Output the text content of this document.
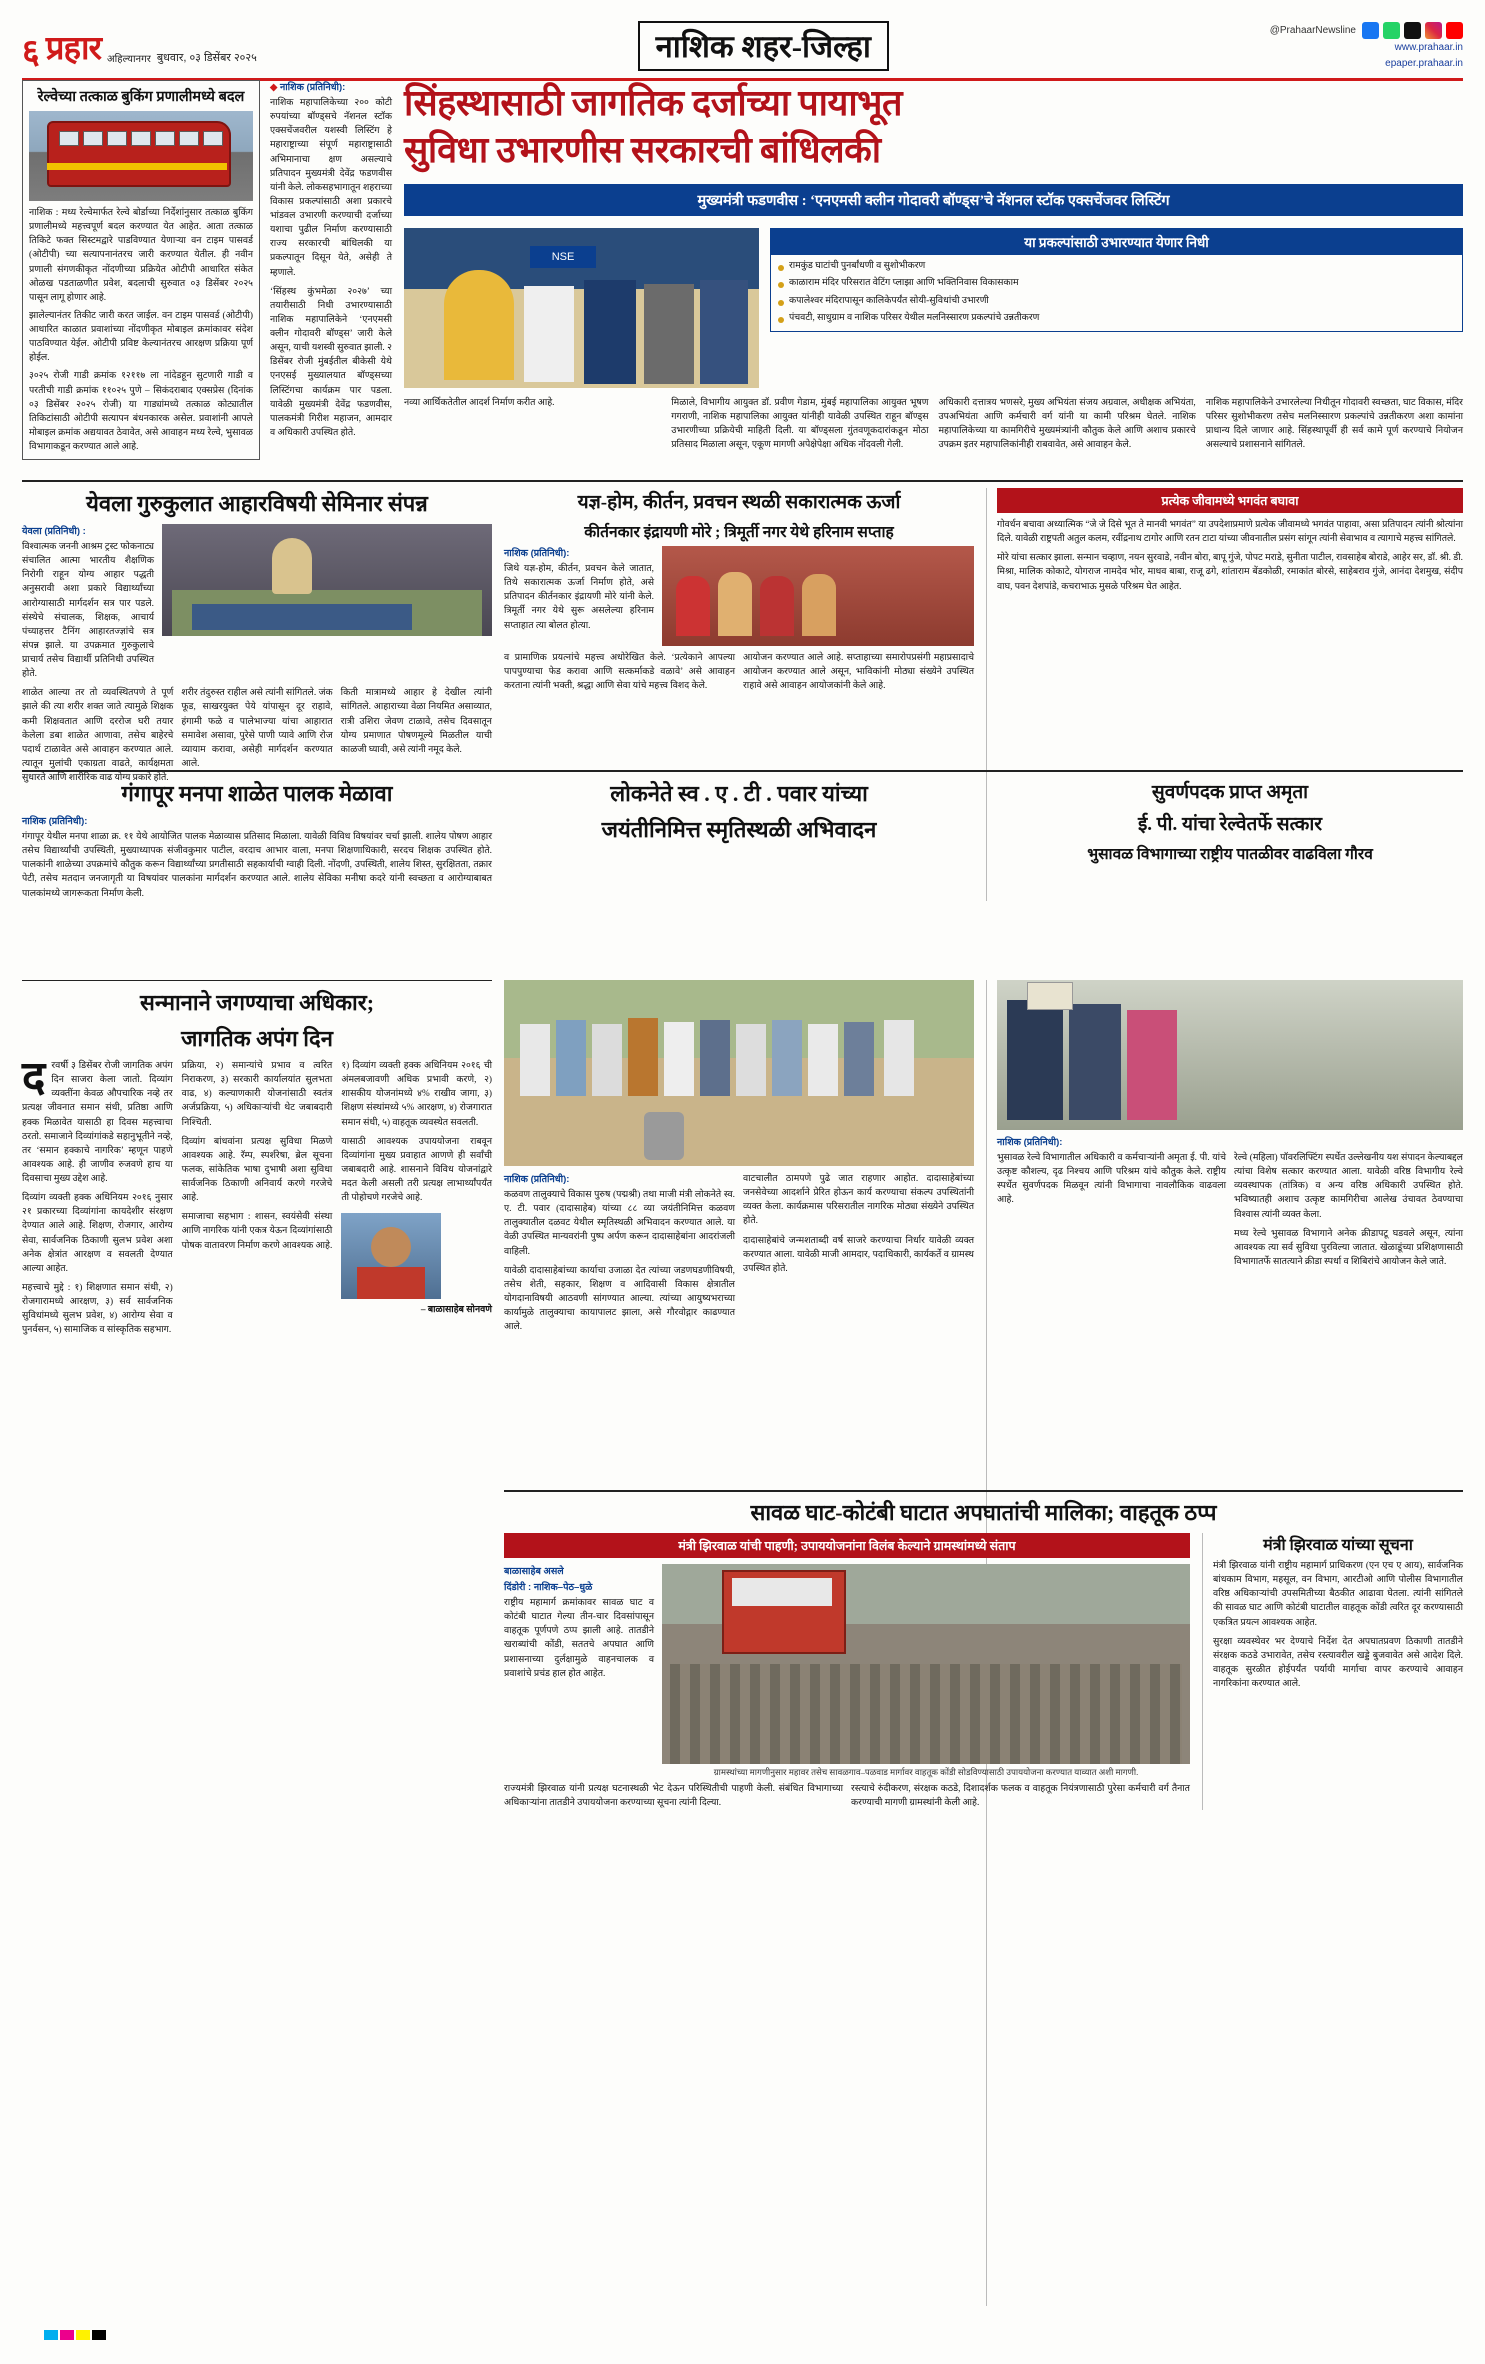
६ प्रहार अहिल्यानगर बुधवार, ०३ डिसेंबर २०२५	नाशिक शहर-जिल्हा	@PrahaarNewsline
www.prahaar.in
epaper.prahaar.in
रेल्वेच्या तत्काळ बुकिंग प्रणालीमध्ये बदल
नाशिक : मध्य रेल्वेमार्फत रेल्वे बोर्डाच्या निर्देशांनुसार तत्काळ बुकिंग प्रणालीमध्ये महत्त्वपूर्ण बदल करण्यात येत आहेत. आता तत्काळ तिकिटे फक्त सिस्टमद्वारे पाडविण्यात येणाऱ्या वन टाइम पासवर्ड (ओटीपी) च्या सत्यापनानंतरच जारी करण्यात येतील. ही नवीन प्रणाली संगणकीकृत नोंदणीच्या प्रक्रियेत ओटीपी आधारित संकेत ओळख पडताळणीत प्रवेश, बदलाची सुरुवात ०३ डिसेंबर २०२५ पासून लागू होणार आहे.
झालेल्यानंतर तिकीट जारी करत जाईल. वन टाइम पासवर्ड (ओटीपी) आधारित काळात प्रवाशांच्या नोंदणीकृत मोबाइल क्रमांकावर संदेश पाठविण्यात येईल. ओटीपी प्रविष्ट केल्यानंतरच आरक्षण प्रक्रिया पूर्ण होईल.
३०२५ रोजी गाडी क्रमांक १२११७ ला नांदेडहून सुटणारी गाडी व परतीची गाडी क्रमांक ११०२५ पुणे – सिकंदराबाद एक्सप्रेस (दिनांक ०३ डिसेंबर २०२५ रोजी) या गाड्यांमध्ये तत्काळ कोट्यातील तिकिटांसाठी ओटीपी सत्यापन बंधनकारक असेल. प्रवाशांनी आपले मोबाइल क्रमांक अद्ययावत ठेवावेत, असे आवाहन मध्य रेल्वे, भुसावळ विभागाकडून करण्यात आले आहे.
◆ नाशिक (प्रतिनिधी):
नाशिक महापालिकेच्या २०० कोटी रुपयांच्या बॉण्ड्सचे नॅशनल स्टॉक एक्सचेंजवरील यशस्वी लिस्टिंग हे महाराष्ट्राच्या संपूर्ण महाराष्ट्रासाठी अभिमानाचा क्षण असल्याचे प्रतिपादन मुख्यमंत्री देवेंद्र फडणवीस यांनी केले. लोकसहभागातून शहराच्या विकास प्रकल्पांसाठी अशा प्रकारचे भांडवल उभारणी करण्याची दर्जाच्या यशाचा पुढील निर्माण करण्यासाठी राज्य सरकारची बांधिलकी या प्रकल्पातून दिसून येते, असेही ते म्हणाले.
‘सिंहस्थ कुंभमेळा २०२७’ च्या तयारीसाठी निधी उभारण्यासाठी नाशिक महापालिकेने ‘एनएमसी क्लीन गोदावरी बॉण्ड्स’ जारी केले असून, याची यशस्वी सुरुवात झाली. २ डिसेंबर रोजी मुंबईतील बीकेसी येथे एनएसई मुख्यालयात बॉण्ड्सच्या लिस्टिंगचा कार्यक्रम पार पडला. यावेळी मुख्यमंत्री देवेंद्र फडणवीस, पालकमंत्री गिरीश महाजन, आमदार व अधिकारी उपस्थित होते.
सिंहस्थासाठी जागतिक दर्जाच्या पायाभूत
सुविधा उभारणीस सरकारची बांधिलकी
मुख्यमंत्री फडणवीस : ‘एनएमसी क्लीन गोदावरी बॉण्ड्स’चे नॅशनल स्टॉक एक्सचेंजवर लिस्टिंग
NSE
या प्रकल्पांसाठी उभारण्यात येणार निधी
रामकुंड घाटांची पुनर्बांधणी व सुशोभीकरण
काळाराम मंदिर परिसरात वेटिंग प्लाझा आणि भक्तिनिवास विकासकाम
कपालेश्वर मंदिरापासून कालिकेपर्यंत सोयी-सुविधांची उभारणी
पंचवटी, साधुग्राम व नाशिक परिसर येथील मलनिस्सारण प्रकल्पांचे उन्नतीकरण
नव्या आर्थिकतेतील आदर्श निर्माण करीत आहे.	मिळाले, विभागीय आयुक्त डॉ. प्रवीण गेडाम, मुंबई महापालिका आयुक्त भूषण गगराणी, नाशिक महापालिका आयुक्त यांनीही यावेळी उपस्थित राहून बॉण्ड्स उभारणीच्या प्रक्रियेची माहिती दिली. या बॉण्ड्सला गुंतवणूकदारांकडून मोठा प्रतिसाद मिळाला असून, एकूण मागणी अपेक्षेपेक्षा अधिक नोंदवली गेली.
अधिकारी दत्तात्रय भणसरे, मुख्य अभियंता संजय अग्रवाल, अधीक्षक अभियंता, उपअभियंता आणि कर्मचारी वर्ग यांनी या कामी परिश्रम घेतले. नाशिक महापालिकेच्या या कामगिरीचे मुख्यमंत्र्यांनी कौतुक केले आणि अशाच प्रकारचे उपक्रम इतर महापालिकांनीही राबवावेत, असे आवाहन केले.
नाशिक महापालिकेने उभारलेल्या निधीतून गोदावरी स्वच्छता, घाट विकास, मंदिर परिसर सुशोभीकरण तसेच मलनिस्सारण प्रकल्पांचे उन्नतीकरण अशा कामांना प्राधान्य दिले जाणार आहे. सिंहस्थापूर्वी ही सर्व कामे पूर्ण करण्याचे नियोजन असल्याचे प्रशासनाने सांगितले.
येवला गुरुकुलात आहारविषयी सेमिनार संपन्न
येवला (प्रतिनिधी) :
विश्वात्मक जननी आश्रम ट्रस्ट फोकनाट्य संचालित आत्मा भारतीय शैक्षणिक निरोगी राहून योग्य आहार पद्धती अनुसरावी अशा प्रकारे विद्यार्थ्यांच्या आरोग्यासाठी मार्गदर्शन सत्र पार पडले. संस्थेचे संचालक, शिक्षक, आचार्य पंच्याहत्तर टैनिंग आहारतज्ज्ञांचे सत्र संपन्न झाले. या उपक्रमात गुरुकुलाचे प्राचार्य तसेच विद्यार्थी प्रतिनिधी उपस्थित होते.
शाळेत आल्या तर तो व्यवस्थितपणे ते पूर्ण झाले की त्या शरीर शक्त जाते त्यामुळे शिक्षक कमी शिक्षवतात आणि दररोज घरी तयार केलेला डबा शाळेत आणावा, तसेच बाहेरचे पदार्थ टाळावेत असे आवाहन करण्यात आले. त्यातून मुलांची एकाग्रता वाढते, कार्यक्षमता सुधारते आणि शारीरिक वाढ योग्य प्रकारे होते.
शरीर तंदुरुस्त राहील असे त्यांनी सांगितले. जंक फूड, साखरयुक्त पेये यांपासून दूर राहावे, हंगामी फळे व पालेभाज्या यांचा आहारात समावेश असावा, पुरेसे पाणी प्यावे आणि रोज व्यायाम करावा, असेही मार्गदर्शन करण्यात आले.
किती मात्रामध्ये आहार हे देखील त्यांनी सांगितले. आहाराच्या वेळा नियमित असाव्यात, रात्री उशिरा जेवण टाळावे, तसेच दिवसातून योग्य प्रमाणात पोषणमूल्ये मिळतील याची काळजी घ्यावी, असे त्यांनी नमूद केले.
यज्ञ-होम, कीर्तन, प्रवचन स्थळी सकारात्मक ऊर्जा
कीर्तनकार इंद्रायणी मोरे ; त्रिमूर्ती नगर येथे हरिनाम सप्ताह
नाशिक (प्रतिनिधी):
जिथे यज्ञ-होम, कीर्तन, प्रवचन केले जातात, तिथे सकारात्मक ऊर्जा निर्माण होते, असे प्रतिपादन कीर्तनकार इंद्रायणी मोरे यांनी केले. त्रिमूर्ती नगर येथे सुरू असलेल्या हरिनाम सप्ताहात त्या बोलत होत्या.
व प्रामाणिक प्रयत्नांचे महत्त्व अधोरेखित केले. ‘प्रत्येकाने आपल्या पापपुण्याचा फेड करावा आणि सत्कर्माकडे वळावे’ असे आवाहन करताना त्यांनी भक्ती, श्रद्धा आणि सेवा यांचे महत्त्व विशद केले.
आयोजन करण्यात आले आहे. सप्ताहाच्या समारोपप्रसंगी महाप्रसादाचे आयोजन करण्यात आले असून, भाविकांनी मोठ्या संख्येने उपस्थित राहावे असे आवाहन आयोजकांनी केले आहे.
प्रत्येक जीवामध्ये भगवंत बघावा
गोवर्धन बचावा अध्यात्मिक “जे जे दिसे भूत ते मानवी भगवंत” या उपदेशाप्रमाणे प्रत्येक जीवामध्ये भगवंत पाहावा, असा प्रतिपादन त्यांनी श्रोत्यांना दिले. यावेळी राष्ट्रपती अतुल कलम, रवींद्रनाथ टागोर आणि रतन टाटा यांच्या जीवनातील प्रसंग सांगून त्यांनी सेवाभाव व त्यागाचे महत्त्व सांगितले.
मोरे यांचा सत्कार झाला. सन्मान चव्हाण, नयन सुरवाडे, नवीन बोरा, बापू गुंजे, पोपट मराडे, सुनीता पाटील, रावसाहेब बोराडे, आहेर सर, डॉ. श्री. डी. मिश्रा, मालिक कोकाटे, योगराज नामदेव भोर, माधव बाबा, राजू ढगे, शांताराम बेंडकोळी, रमाकांत बोरसे, साहेबराव गुंजे, आनंदा देशमुख, संदीप वाघ, पवन देशपांडे, कचराभाऊ मुसळे परिश्रम घेत आहेत.
गंगापूर मनपा शाळेत पालक मेळावा
नाशिक (प्रतिनिधी):
गंगापूर येथील मनपा शाळा क्र. ११ येथे आयोजित पालक मेळाव्यास प्रतिसाद मिळाला. यावेळी विविध विषयांवर चर्चा झाली. शालेय पोषण आहार तसेच विद्यार्थ्यांची उपस्थिती, मुख्याध्यापक संजीवकुमार पाटील, वरदाच आभार वाला, मनपा शिक्षणाधिकारी, सरदच शिक्षक उपस्थित होते. पालकांनी शाळेच्या उपक्रमांचे कौतुक करून विद्यार्थ्यांच्या प्रगतीसाठी सहकार्याची ग्वाही दिली. नोंदणी, उपस्थिती, शालेय शिस्त, सुरक्षितता, तक्रार पेटी, तसेच मतदान जनजागृती या विषयांवर पालकांना मार्गदर्शन करण्यात आले. शालेय सेविका मनीषा कदरे यांनी स्वच्छता व आरोग्याबाबत पालकांमध्ये जागरूकता निर्माण केली.
लोकनेते स्व . ए . टी . पवार यांच्या
जयंतीनिमित्त स्मृतिस्थळी अभिवादन
सुवर्णपदक प्राप्त अमृता
ई. पी. यांचा रेल्वेतर्फे सत्कार
भुसावळ विभागाच्या राष्ट्रीय पातळीवर वाढविला गौरव
सन्मानाने जगण्याचा अधिकार;
जागतिक अपंग दिन
द रवर्षी ३ डिसेंबर रोजी जागतिक अपंग दिन साजरा केला जातो. दिव्यांग व्यक्तींना केवळ औपचारिक नव्हे तर प्रत्यक्ष जीवनात समान संधी, प्रतिष्ठा आणि हक्क मिळावेत यासाठी हा दिवस महत्त्वाचा ठरतो. समाजाने दिव्यांगांकडे सहानुभूतीने नव्हे, तर ‘समान हक्काचे नागरिक’ म्हणून पाहणे आवश्यक आहे. ही जाणीव रुजवणे हाच या दिवसाचा मुख्य उद्देश आहे.
दिव्यांग व्यक्ती हक्क अधिनियम २०१६ नुसार २१ प्रकारच्या दिव्यांगांना कायदेशीर संरक्षण देण्यात आले आहे. शिक्षण, रोजगार, आरोग्य सेवा, सार्वजनिक ठिकाणी सुलभ प्रवेश अशा अनेक क्षेत्रांत आरक्षण व सवलती देण्यात आल्या आहेत.
महत्त्वाचे मुद्दे : १) शिक्षणात समान संधी, २) रोजगारामध्ये आरक्षण, ३) सर्व सार्वजनिक सुविधांमध्ये सुलभ प्रवेश, ४) आरोग्य सेवा व पुनर्वसन, ५) सामाजिक व सांस्कृतिक सहभाग.
प्रक्रिया, २) समान्यांचे प्रभाव व त्वरित निराकरण, ३) सरकारी कार्यालयांत सुलभता वाढ, ४) कल्याणकारी योजनांसाठी स्वतंत्र अर्जप्रक्रिया, ५) अधिकाऱ्यांची थेट जबाबदारी निश्चिती.
दिव्यांग बांधवांना प्रत्यक्ष सुविधा मिळणे आवश्यक आहे. रॅम्प, स्पर्शरेषा, ब्रेल सूचना फलक, सांकेतिक भाषा दुभाषी अशा सुविधा सार्वजनिक ठिकाणी अनिवार्य करणे गरजेचे आहे.
समाजाचा सहभाग : शासन, स्वयंसेवी संस्था आणि नागरिक यांनी एकत्र येऊन दिव्यांगांसाठी पोषक वातावरण निर्माण करणे आवश्यक आहे.
१) दिव्यांग व्यक्ती हक्क अधिनियम २०१६ ची अंमलबजावणी अधिक प्रभावी करणे, २) शासकीय योजनांमध्ये ४% राखीव जागा, ३) शिक्षण संस्थांमध्ये ५% आरक्षण, ४) रोजगारात समान संधी, ५) वाहतूक व्यवस्थेत सवलती.
यासाठी आवश्यक उपाययोजना राबवून दिव्यांगांना मुख्य प्रवाहात आणणे ही सर्वांची जबाबदारी आहे. शासनाने विविध योजनांद्वारे मदत केली असली तरी प्रत्यक्ष लाभार्थ्यांपर्यंत ती पोहोचणे गरजेचे आहे.
– बाळासाहेब सोनवणे
नाशिक (प्रतिनिधी):
कळवण तालुक्याचे विकास पुरुष (पद्मश्री) तथा माजी मंत्री लोकनेते स्व. ए. टी. पवार (दादासाहेब) यांच्या ८८ व्या जयंतीनिमित्त कळवण तालुक्यातील दळवट येथील स्मृतिस्थळी अभिवादन करण्यात आले. या वेळी उपस्थित मान्यवरांनी पुष्प अर्पण करून दादासाहेबांना आदरांजली वाहिली.
यावेळी दादासाहेबांच्या कार्याचा उजाळा देत त्यांच्या जडणघडणीविषयी, तसेच शेती, सहकार, शिक्षण व आदिवासी विकास क्षेत्रातील योगदानाविषयी आठवणी सांगण्यात आल्या. त्यांच्या आयुष्यभराच्या कार्यामुळे तालुक्याचा कायापालट झाला, असे गौरवोद्गार काढण्यात आले.
वाटचालीत ठामपणे पुढे जात राहणार आहोत. दादासाहेबांच्या जनसेवेच्या आदर्शाने प्रेरित होऊन कार्य करण्याचा संकल्प उपस्थितांनी व्यक्त केला. कार्यक्रमास परिसरातील नागरिक मोठ्या संख्येने उपस्थित होते.
दादासाहेबांचे जन्मशताब्दी वर्ष साजरे करण्याचा निर्धार यावेळी व्यक्त करण्यात आला. यावेळी माजी आमदार, पदाधिकारी, कार्यकर्ते व ग्रामस्थ उपस्थित होते.
नाशिक (प्रतिनिधी):
भुसावळ रेल्वे विभागातील अधिकारी व कर्मचाऱ्यांनी अमृता ई. पी. यांचे उत्कृष्ट कौशल्य, दृढ निश्चय आणि परिश्रम यांचे कौतुक केले. राष्ट्रीय स्पर्धेत सुवर्णपदक मिळवून त्यांनी विभागाचा नावलौकिक वाढवला आहे.
रेल्वे (महिला) पॉवरलिफ्टिंग स्पर्धेत उल्लेखनीय यश संपादन केल्याबद्दल त्यांचा विशेष सत्कार करण्यात आला. यावेळी वरिष्ठ विभागीय रेल्वे व्यवस्थापक (तांत्रिक) व अन्य वरिष्ठ अधिकारी उपस्थित होते. भविष्यातही अशाच उत्कृष्ट कामगिरीचा आलेख उंचावत ठेवण्याचा विश्वास त्यांनी व्यक्त केला.
मध्य रेल्वे भुसावळ विभागाने अनेक क्रीडापटू घडवले असून, त्यांना आवश्यक त्या सर्व सुविधा पुरविल्या जातात. खेळाडूंच्या प्रशिक्षणासाठी विभागातर्फे सातत्याने क्रीडा स्पर्धा व शिबिरांचे आयोजन केले जाते.
सावळ घाट-कोटंबी घाटात अपघातांची मालिका; वाहतूक ठप्प
मंत्री झिरवाळ यांची पाहणी; उपाययोजनांना विलंब केल्याने ग्रामस्थांमध्ये संताप
बाळासाहेब असले
दिंडोरी : नाशिक–पेठ–धुळे
राष्ट्रीय महामार्ग क्रमांकावर सावळ घाट व कोटंबी घाटात गेल्या तीन-चार दिवसांपासून वाहतूक पूर्णपणे ठप्प झाली आहे. तातडीने खराब्यांची कोंडी, सततचे अपघात आणि प्रशासनाच्या दुर्लक्षामुळे वाहनचालक व प्रवाशांचे प्रचंड हाल होत आहेत.
ग्रामस्थांच्या मागणीनुसार महावर तसेच सावळगाव–पळवाड मार्गावर वाहतूक कोंडी सोडविण्यासाठी उपाययोजना करण्यात याव्यात अशी मागणी.
राज्यमंत्री झिरवाळ यांनी प्रत्यक्ष घटनास्थळी भेट देऊन परिस्थितीची पाहणी केली. संबंधित विभागाच्या अधिकाऱ्यांना तातडीने उपाययोजना करण्याच्या सूचना त्यांनी दिल्या.
रस्त्याचे रुंदीकरण, संरक्षक कठडे, दिशादर्शक फलक व वाहतूक नियंत्रणासाठी पुरेसा कर्मचारी वर्ग तैनात करण्याची मागणी ग्रामस्थांनी केली आहे.
मंत्री झिरवाळ यांच्या सूचना
मंत्री झिरवाळ यांनी राष्ट्रीय महामार्ग प्राधिकरण (एन एच ए आय), सार्वजनिक बांधकाम विभाग, महसूल, वन विभाग, आरटीओ आणि पोलीस विभागातील वरिष्ठ अधिकाऱ्यांची उपसमितीच्या बैठकीत आढावा घेतला. त्यांनी सांगितले की सावळ घाट आणि कोटंबी घाटातील वाहतूक कोंडी त्वरित दूर करण्यासाठी एकत्रित प्रयत्न आवश्यक आहेत.
सुरक्षा व्यवस्थेवर भर देण्याचे निर्देश देत अपघातप्रवण ठिकाणी तातडीने संरक्षक कठडे उभारावेत, तसेच रस्त्यावरील खड्डे बुजवावेत असे आदेश दिले. वाहतूक सुरळीत होईपर्यंत पर्यायी मार्गाचा वापर करण्याचे आवाहन नागरिकांना करण्यात आले.
